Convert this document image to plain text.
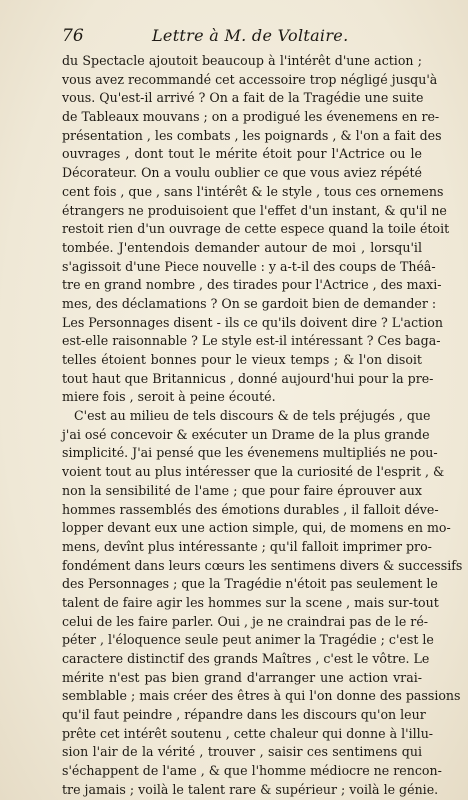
76	Lettre à M. de Voltaire.
du Spectacle ajoutoit beaucoup à l'intérêt d'une action ;
vous avez recommandé cet accessoire trop négligé jusqu'à
vous. Qu'est-il arrivé ? On a fait de la Tragédie une suite
de Tableaux mouvans ; on a prodigué les évenemens en re-
présentation , les combats , les poignards , & l'on a fait des
ouvrages , dont tout le mérite étoit pour l'Actrice ou le
Décorateur. On a voulu oublier ce que vous aviez répété
cent fois , que , sans l'intérêt & le style , tous ces ornemens
étrangers ne produisoient que l'effet d'un instant, & qu'il ne
restoit rien d'un ouvrage de cette espece quand la toile étoit
tombée. J'entendois demander autour de moi , lorsqu'il
s'agissoit d'une Piece nouvelle : y a-t-il des coups de Théâ-
tre en grand nombre , des tirades pour l'Actrice , des maxi-
mes, des déclamations ? On se gardoit bien de demander :
Les Personnages disent - ils ce qu'ils doivent dire ? L'action
est-elle raisonnable ? Le style est-il intéressant ? Ces baga-
telles étoient bonnes pour le vieux temps ; & l'on disoit
tout haut que Britannicus , donné aujourd'hui pour la pre-
miere fois , seroit à peine écouté.
C'est au milieu de tels discours & de tels préjugés , que
j'ai osé concevoir & exécuter un Drame de la plus grande
simplicité. J'ai pensé que les évenemens multipliés ne pou-
voient tout au plus intéresser que la curiosité de l'esprit , &
non la sensibilité de l'ame ; que pour faire éprouver aux
hommes rassemblés des émotions durables , il falloit déve-
lopper devant eux une action simple, qui, de momens en mo-
mens, devînt plus intéressante ; qu'il falloit imprimer pro-
fondément dans leurs cœurs les sentimens divers & successifs
des Personnages ; que la Tragédie n'étoit pas seulement le
talent de faire agir les hommes sur la scene , mais sur-tout
celui de les faire parler. Oui , je ne craindrai pas de le ré-
péter , l'éloquence seule peut animer la Tragédie ; c'est le
caractere distinctif des grands Maîtres , c'est le vôtre. Le
mérite n'est pas bien grand d'arranger une action vrai-
semblable ; mais créer des êtres à qui l'on donne des passions
qu'il faut peindre , répandre dans les discours qu'on leur
prête cet intérêt soutenu , cette chaleur qui donne à l'illu-
sion l'air de la vérité , trouver , saisir ces sentimens qui
s'échappent de l'ame , & que l'homme médiocre ne rencon-
tre jamais ; voilà le talent rare & supérieur ; voilà le génie.
